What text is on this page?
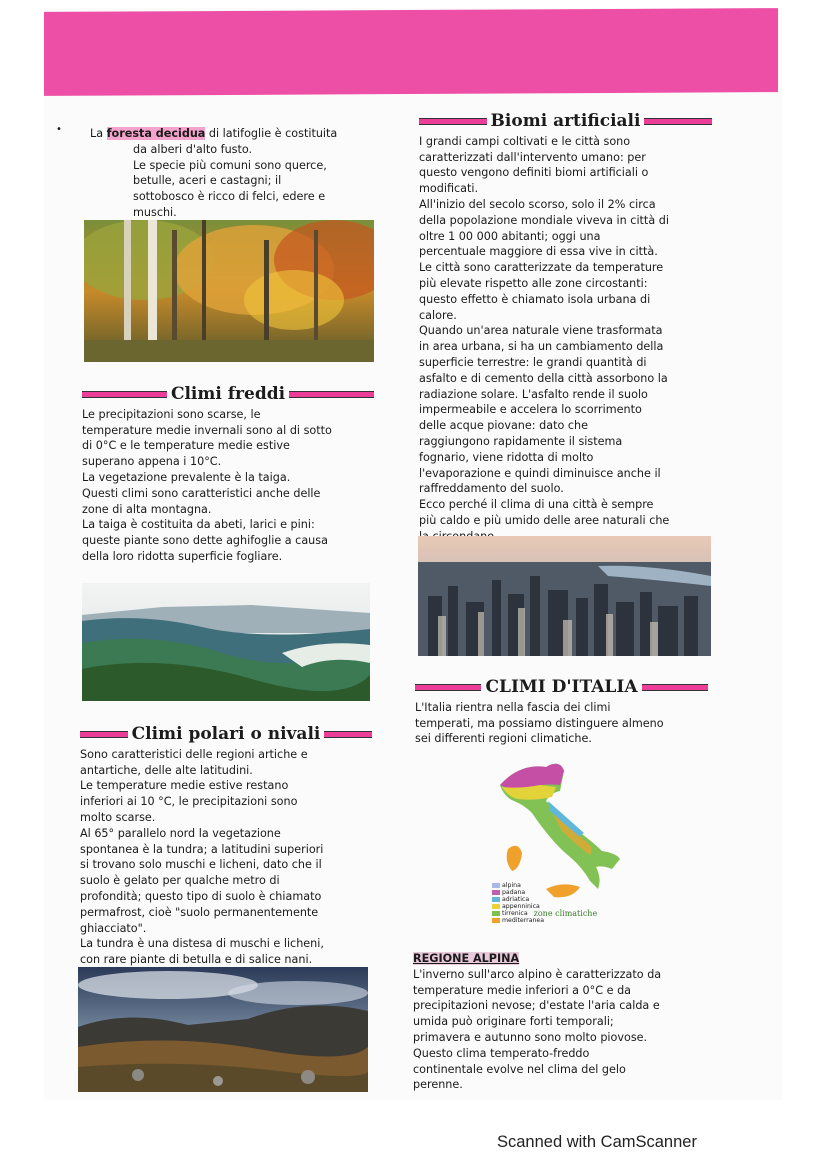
•	La foresta decidua di latifoglie è costituita
da alberi d'alto fusto.
Le specie più comuni sono querce,
betulle, aceri e castagni; il
sottobosco è ricco di felci, edere e
muschi.
Climi freddi
Le precipitazioni sono scarse, le
temperature medie invernali sono al di sotto
di 0°C e le temperature medie estive
superano appena i 10°C.
La vegetazione prevalente è la taiga.
Questi climi sono caratteristici anche delle
zone di alta montagna.
La taiga è costituita da abeti, larici e pini:
queste piante sono dette aghifoglie a causa
della loro ridotta superficie fogliare.
Climi polari o nivali
Sono caratteristici delle regioni artiche e
antartiche, delle alte latitudini.
Le temperature medie estive restano
inferiori ai 10 °C, le precipitazioni sono
molto scarse.
Al 65° parallelo nord la vegetazione
spontanea è la tundra; a latitudini superiori
si trovano solo muschi e licheni, dato che il
suolo è gelato per qualche metro di
profondità; questo tipo di suolo è chiamato
permafrost, cioè "suolo permanentemente
ghiacciato".
La tundra è una distesa di muschi e licheni,
con rare piante di betulla e di salice nani.
Biomi artificiali
I grandi campi coltivati e le città sono
caratterizzati dall'intervento umano: per
questo vengono definiti biomi artificiali o
modificati.
All'inizio del secolo scorso, solo il 2% circa
della popolazione mondiale viveva in città di
oltre 1 00 000 abitanti; oggi una
percentuale maggiore di essa vive in città.
Le città sono caratterizzate da temperature
più elevate rispetto alle zone circostanti:
questo effetto è chiamato isola urbana di
calore.
Quando un'area naturale viene trasformata
in area urbana, si ha un cambiamento della
superficie terrestre: le grandi quantità di
asfalto e di cemento della città assorbono la
radiazione solare. L'asfalto rende il suolo
impermeabile e accelera lo scorrimento
delle acque piovane: dato che
raggiungono rapidamente il sistema
fognario, viene ridotta di molto
l'evaporazione e quindi diminuisce anche il
raffreddamento del suolo.
Ecco perché il clima di una città è sempre
più caldo e più umido delle aree naturali che
CLIMI D'ITALIA
L'Italia rientra nella fascia dei climi
temperati, ma possiamo distinguere almeno
sei differenti regioni climatiche.
alpina
padana
adriatica
appenninica
tirrenica zone climatiche
mediterranea
REGIONE ALPINA
L'inverno sull'arco alpino è caratterizzato da
temperature medie inferiori a 0°C e da
precipitazioni nevose; d'estate l'aria calda e
umida può originare forti temporali;
primavera e autunno sono molto piovose.
Questo clima temperato-freddo
continentale evolve nel clima del gelo
perenne.
Scanned with CamScanner
